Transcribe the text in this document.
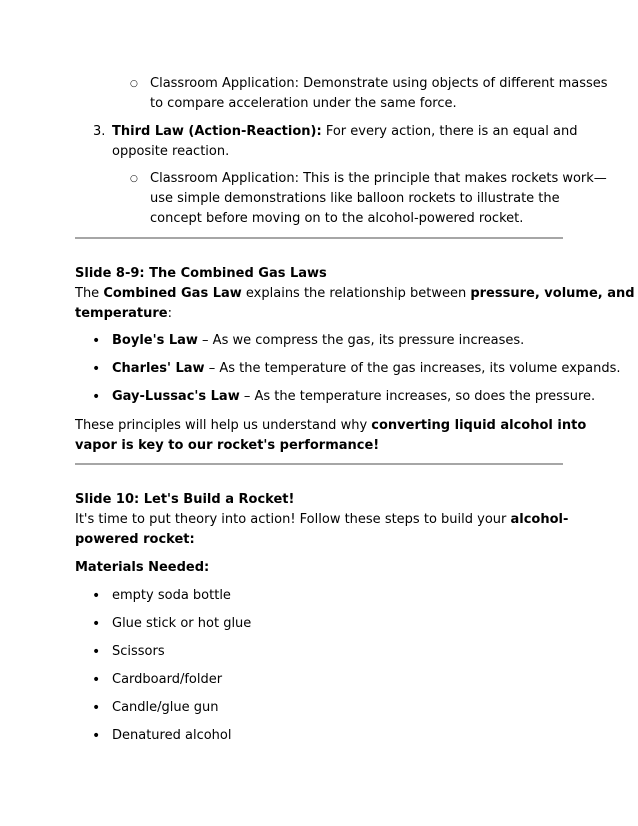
○ Classroom Application: Demonstrate using objects of different masses
to compare acceleration under the same force.
3. Third Law (Action-Reaction): For every action, there is an equal and
opposite reaction.
○ Classroom Application: This is the principle that makes rockets work—
use simple demonstrations like balloon rockets to illustrate the
concept before moving on to the alcohol-powered rocket.
Slide 8-9: The Combined Gas Laws
The Combined Gas Law explains the relationship between pressure, volume, and
temperature:
• Boyle's Law – As we compress the gas, its pressure increases.
• Charles' Law – As the temperature of the gas increases, its volume expands.
• Gay-Lussac's Law – As the temperature increases, so does the pressure.
These principles will help us understand why converting liquid alcohol into
vapor is key to our rocket's performance!
Slide 10: Let's Build a Rocket!
It's time to put theory into action! Follow these steps to build your alcohol-
powered rocket:
Materials Needed:
• empty soda bottle
• Glue stick or hot glue
• Scissors
• Cardboard/folder
• Candle/glue gun
• Denatured alcohol
